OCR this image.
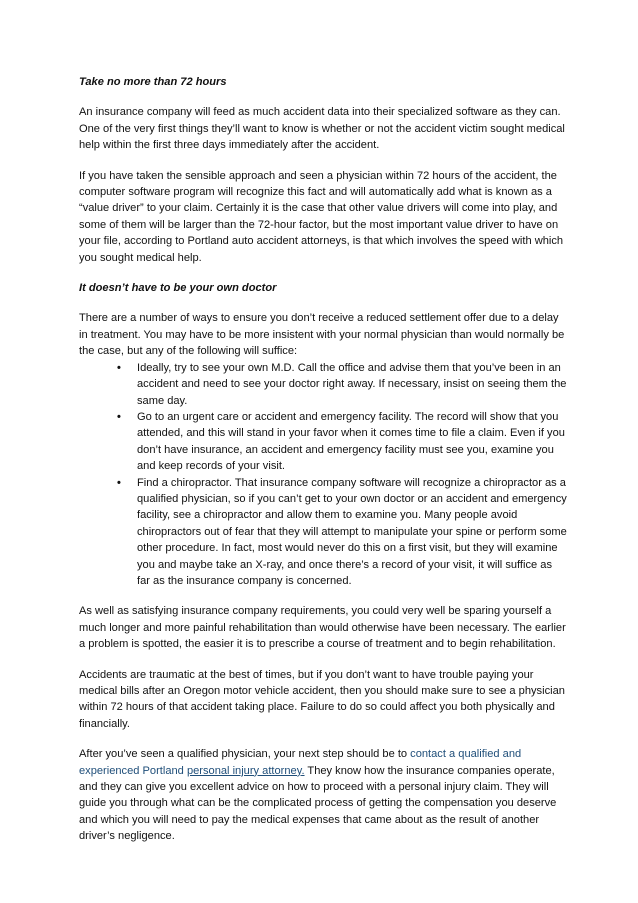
Take no more than 72 hours

An insurance company will feed as much accident data into their specialized software as they can. One of the very first things they’ll want to know is whether or not the accident victim sought medical help within the first three days immediately after the accident.

If you have taken the sensible approach and seen a physician within 72 hours of the accident, the computer software program will recognize this fact and will automatically add what is known as a “value driver” to your claim. Certainly it is the case that other value drivers will come into play, and some of them will be larger than the 72-hour factor, but the most important value driver to have on your file, according to Portland auto accident attorneys, is that which involves the speed with which you sought medical help.

It doesn’t have to be your own doctor

There are a number of ways to ensure you don’t receive a reduced settlement offer due to a delay in treatment. You may have to be more insistent with your normal physician than would normally be the case, but any of the following will suffice:

• Ideally, try to see your own M.D. Call the office and advise them that you’ve been in an accident and need to see your doctor right away. If necessary, insist on seeing them the same day.
• Go to an urgent care or accident and emergency facility. The record will show that you attended, and this will stand in your favor when it comes time to file a claim. Even if you don’t have insurance, an accident and emergency facility must see you, examine you and keep records of your visit.
• Find a chiropractor. That insurance company software will recognize a chiropractor as a qualified physician, so if you can’t get to your own doctor or an accident and emergency facility, see a chiropractor and allow them to examine you. Many people avoid chiropractors out of fear that they will attempt to manipulate your spine or perform some other procedure. In fact, most would never do this on a first visit, but they will examine you and maybe take an X-ray, and once there’s a record of your visit, it will suffice as far as the insurance company is concerned.

As well as satisfying insurance company requirements, you could very well be sparing yourself a much longer and more painful rehabilitation than would otherwise have been necessary. The earlier a problem is spotted, the easier it is to prescribe a course of treatment and to begin rehabilitation.

Accidents are traumatic at the best of times, but if you don’t want to have trouble paying your medical bills after an Oregon motor vehicle accident, then you should make sure to see a physician within 72 hours of that accident taking place. Failure to do so could affect you both physically and financially.

After you’ve seen a qualified physician, your next step should be to contact a qualified and experienced Portland personal injury attorney. They know how the insurance companies operate, and they can give you excellent advice on how to proceed with a personal injury claim. They will guide you through what can be the complicated process of getting the compensation you deserve and which you will need to pay the medical expenses that came about as the result of another driver’s negligence.
